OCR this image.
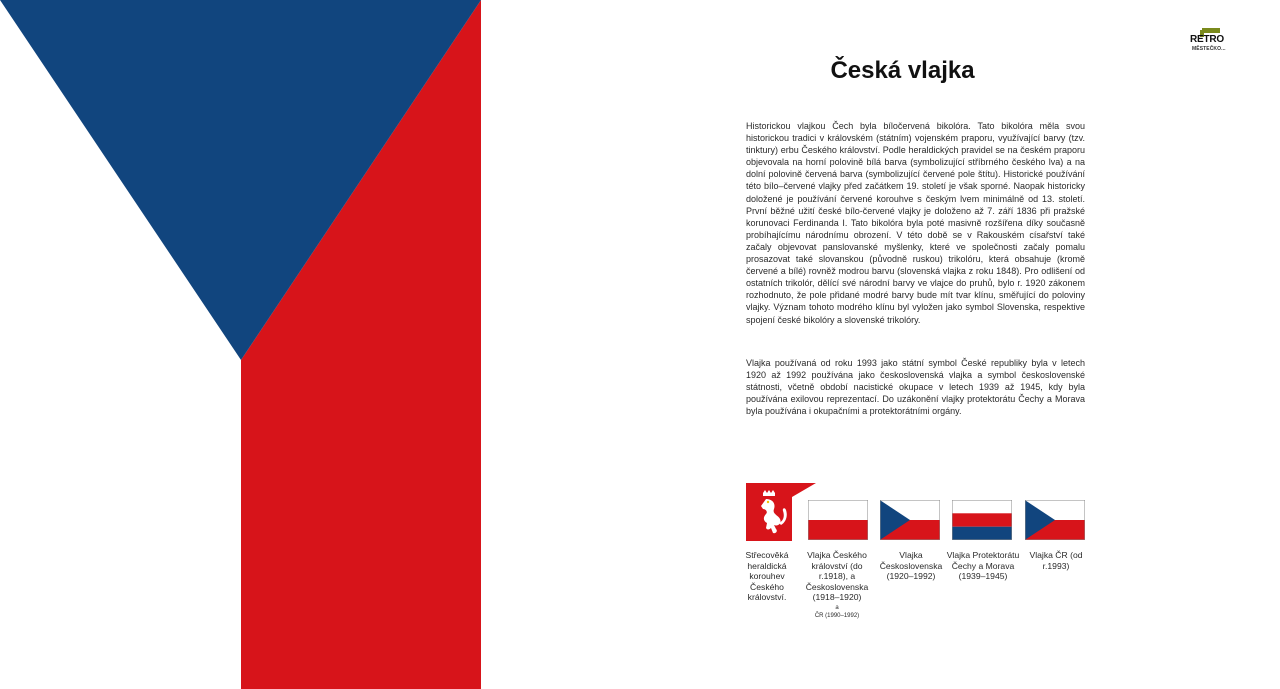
RETRO
MĚSTEČKO...
Česká vlajka

Historickou vlajkou Čech byla bíločervená bikolóra. Tato bikolóra měla svou historickou tradici v královském (státním) vojenském praporu, využívající barvy (tzv. tinktury) erbu Českého království. Podle heraldických pravidel se na českém praporu objevovala na horní polovině bílá barva (symbolizující stříbrného českého lva) a na dolní polovině červená barva (symbolizující červené pole štítu). Historické používání této bílo–červené vlajky před začátkem 19. století je však sporné. Naopak historicky doložené je používání červené korouhve s českým lvem minimálně od 13. století. První běžné užití české bílo-červené vlajky je doloženo až 7. září 1836 při pražské korunovaci Ferdinanda I. Tato bikolóra byla poté masivně rozšířena díky současně probíhajícímu národnímu obrození. V této době se v Rakouském císařství také začaly objevovat panslovanské myšlenky, které ve společnosti začaly pomalu prosazovat také slovanskou (původně ruskou) trikolóru, která obsahuje (kromě červené a bílé) rovněž modrou barvu (slovenská vlajka z roku 1848). Pro odlišení od ostatních trikolór, dělící své národní barvy ve vlajce do pruhů, bylo r. 1920 zákonem rozhodnuto, že pole přidané modré barvy bude mít tvar klínu, směřující do poloviny vlajky. Význam tohoto modrého klínu byl vyložen jako symbol Slovenska, respektive spojení české bikolóry a slovenské trikolóry.

Vlajka používaná od roku 1993 jako státní symbol České republiky byla v letech 1920 až 1992 používána jako československá vlajka a symbol československé státnosti, včetně období nacistické okupace v letech 1939 až 1945, kdy byla používána exilovou reprezentací. Do uzákonění vlajky protektorátu Čechy a Morava byla používána i okupačními a protektorátními orgány.

Střecověká heraldická korouhev Českého království.
Vlajka Českého království (do r.1918), a Československa (1918–1920)
a
ČR (1990–1992)
Vlajka Československa (1920–1992)
Vlajka Protektorátu Čechy a Morava (1939–1945)
Vlajka ČR (od r.1993)
